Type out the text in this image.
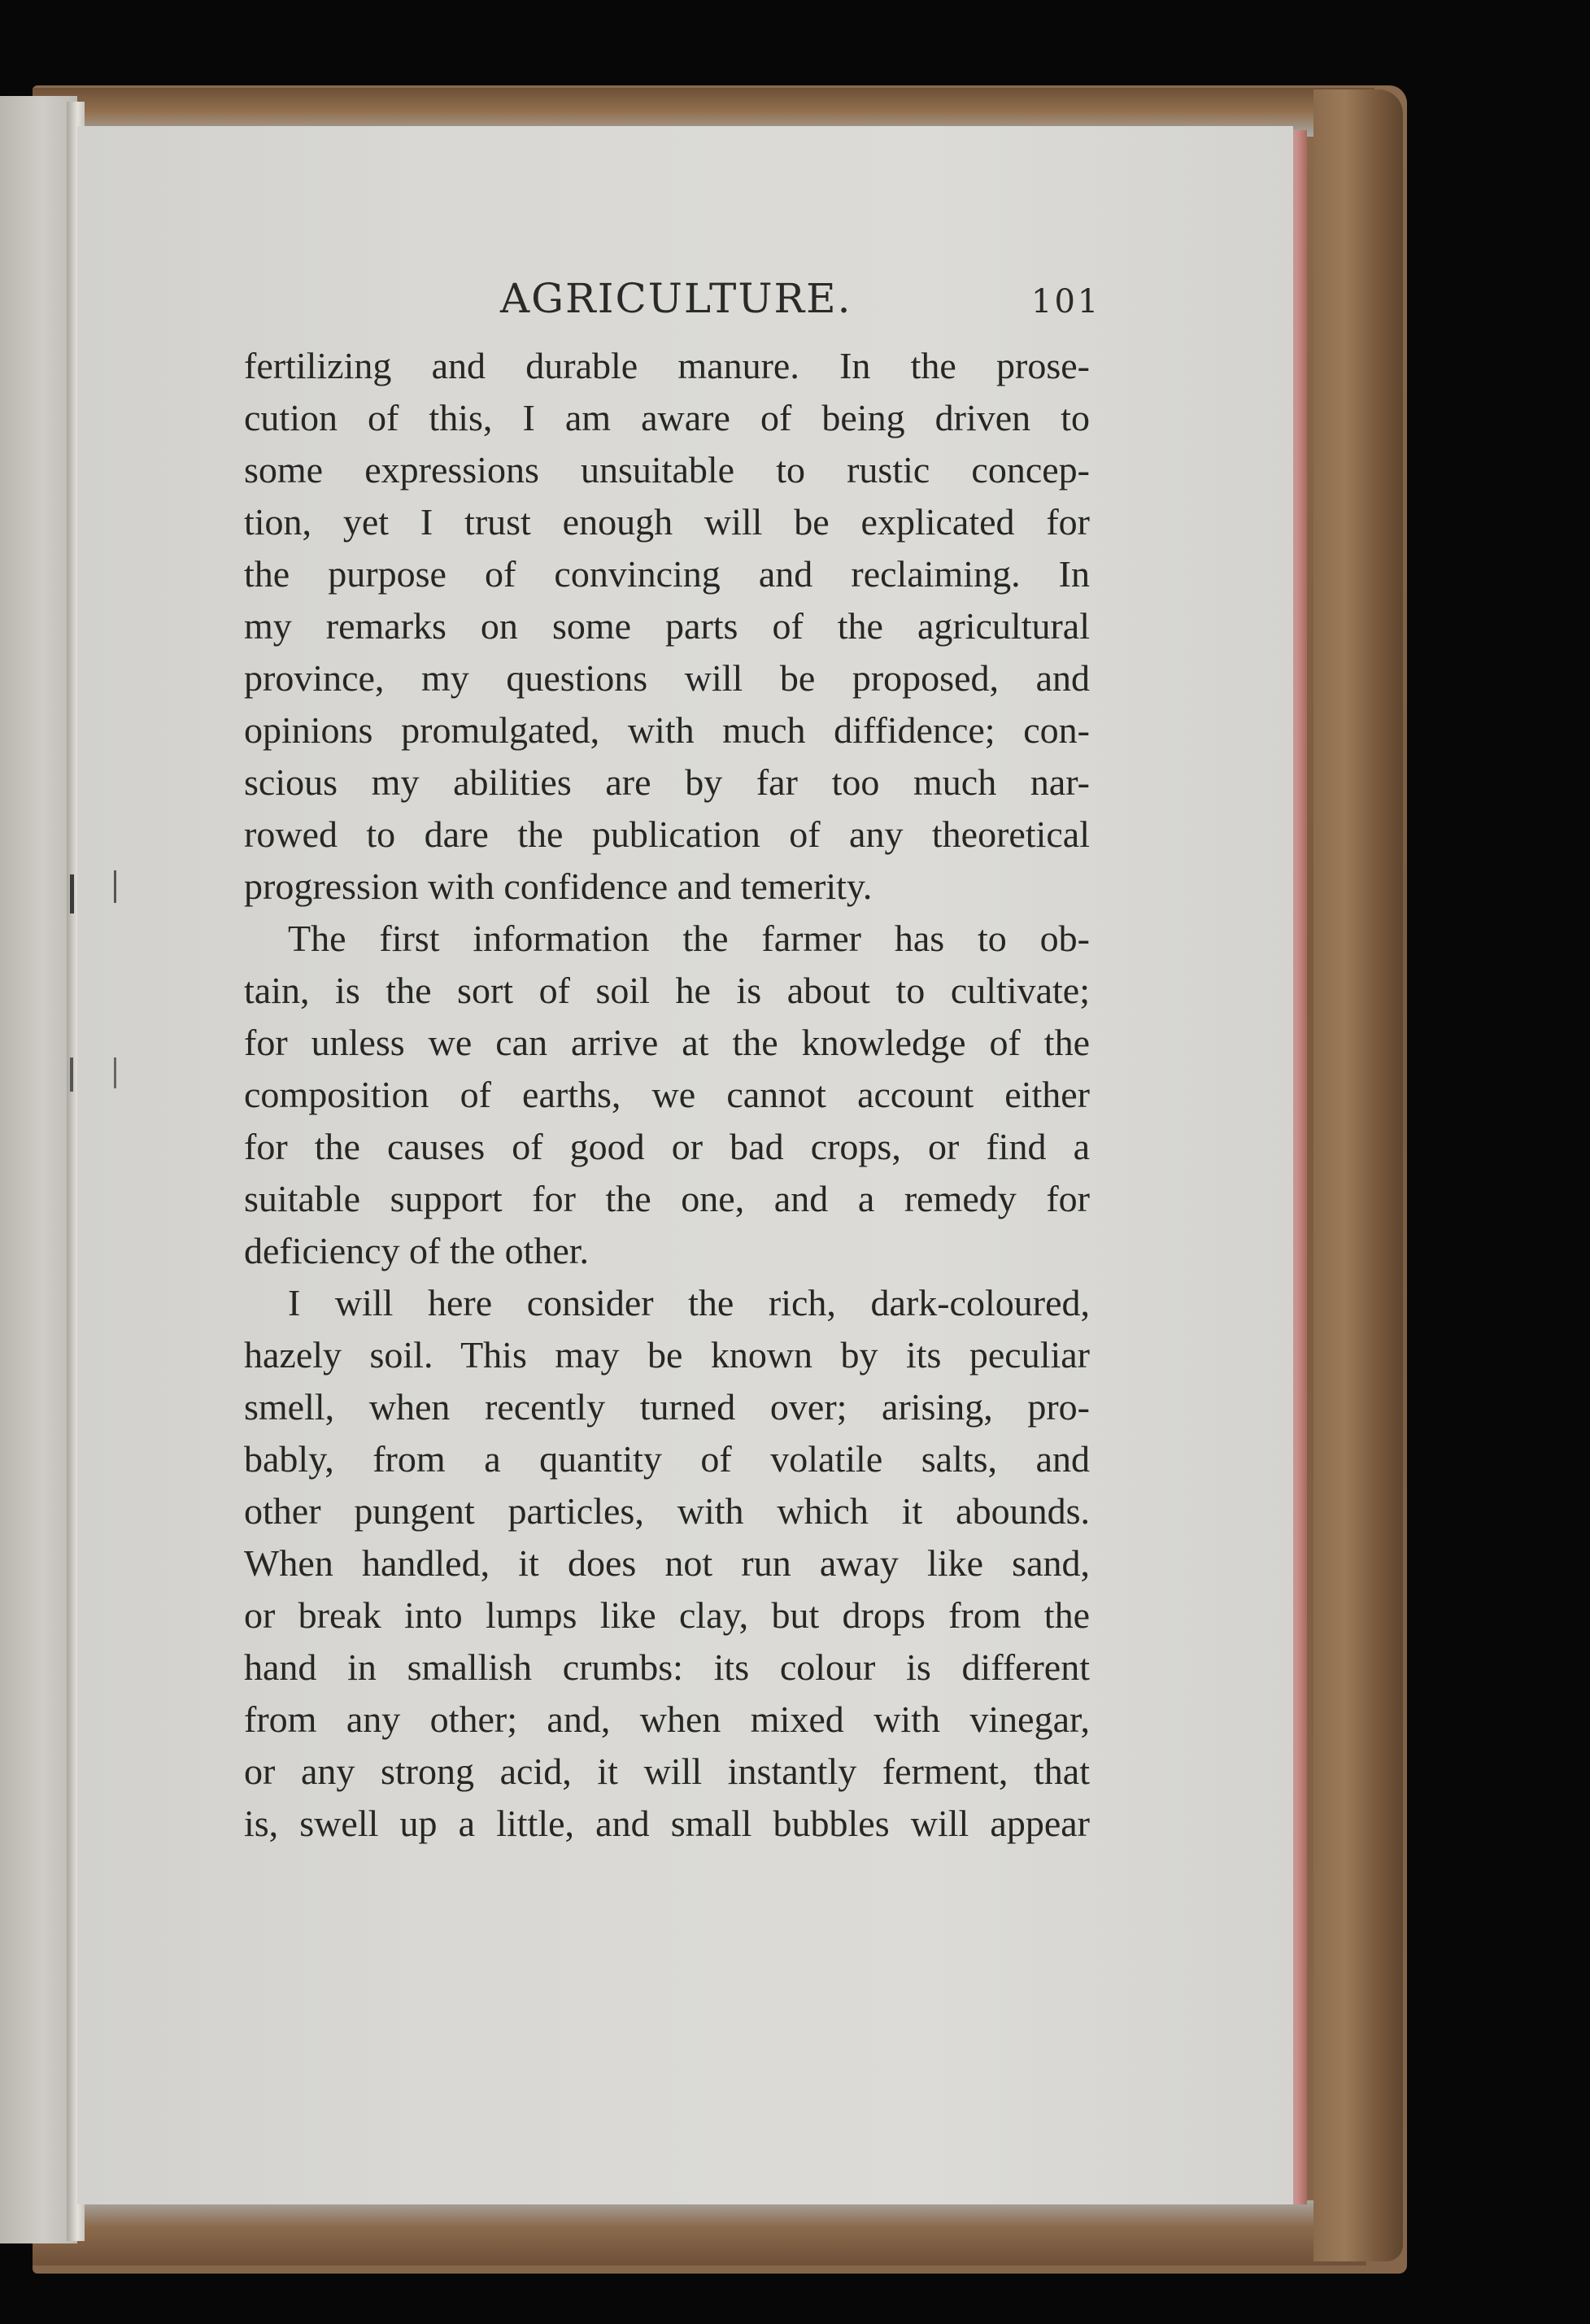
AGRICULTURE.	101
fertilizing and durable manure. In the prose-
cution of this, I am aware of being driven to
some expressions unsuitable to rustic concep-
tion, yet I trust enough will be explicated for
the purpose of convincing and reclaiming. In
my remarks on some parts of the agricultural
province, my questions will be proposed, and
opinions promulgated, with much diffidence; con-
scious my abilities are by far too much nar-
rowed to dare the publication of any theoretical
progression with confidence and temerity.
The first information the farmer has to ob-
tain, is the sort of soil he is about to cultivate;
for unless we can arrive at the knowledge of the
composition of earths, we cannot account either
for the causes of good or bad crops, or find a
suitable support for the one, and a remedy for
deficiency of the other.
I will here consider the rich, dark-coloured,
hazely soil. This may be known by its peculiar
smell, when recently turned over; arising, pro-
bably, from a quantity of volatile salts, and
other pungent particles, with which it abounds.
When handled, it does not run away like sand,
or break into lumps like clay, but drops from the
hand in smallish crumbs: its colour is different
from any other; and, when mixed with vinegar,
or any strong acid, it will instantly ferment, that
is, swell up a little, and small bubbles will appear
